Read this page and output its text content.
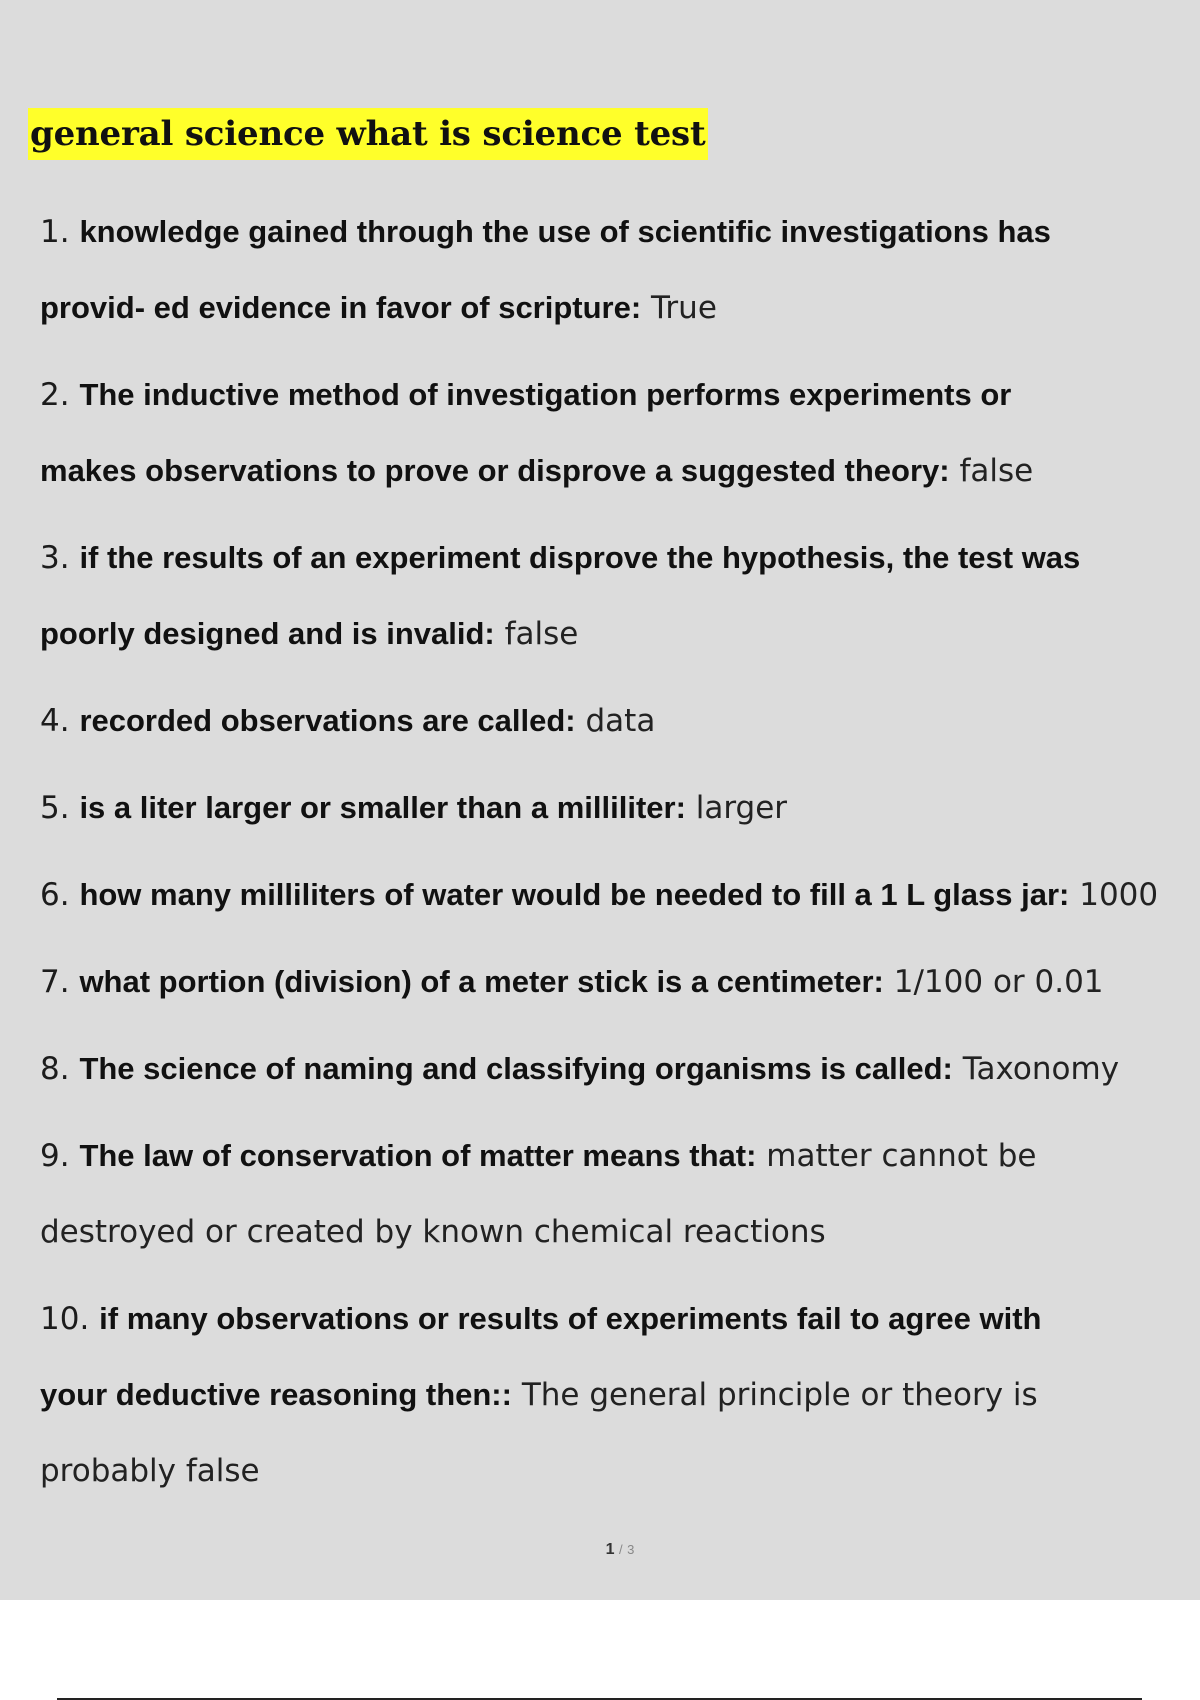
general science what is science test
1. knowledge gained through the use of scientific investigations has provid- ed evidence in favor of scripture: True
2. The inductive method of investigation performs experiments or makes observations to prove or disprove a suggested theory: false
3. if the results of an experiment disprove the hypothesis, the test was poorly designed and is invalid: false
4. recorded observations are called: data
5. is a liter larger or smaller than a milliliter: larger
6. how many milliliters of water would be needed to fill a 1 L glass jar: 1000
7. what portion (division) of a meter stick is a centimeter: 1/100 or 0.01
8. The science of naming and classifying organisms is called: Taxonomy
9. The law of conservation of matter means that: matter cannot be destroyed or created by known chemical reactions
10. if many observations or results of experiments fail to agree with your deductive reasoning then:: The general principle or theory is probably false
1 / 3
